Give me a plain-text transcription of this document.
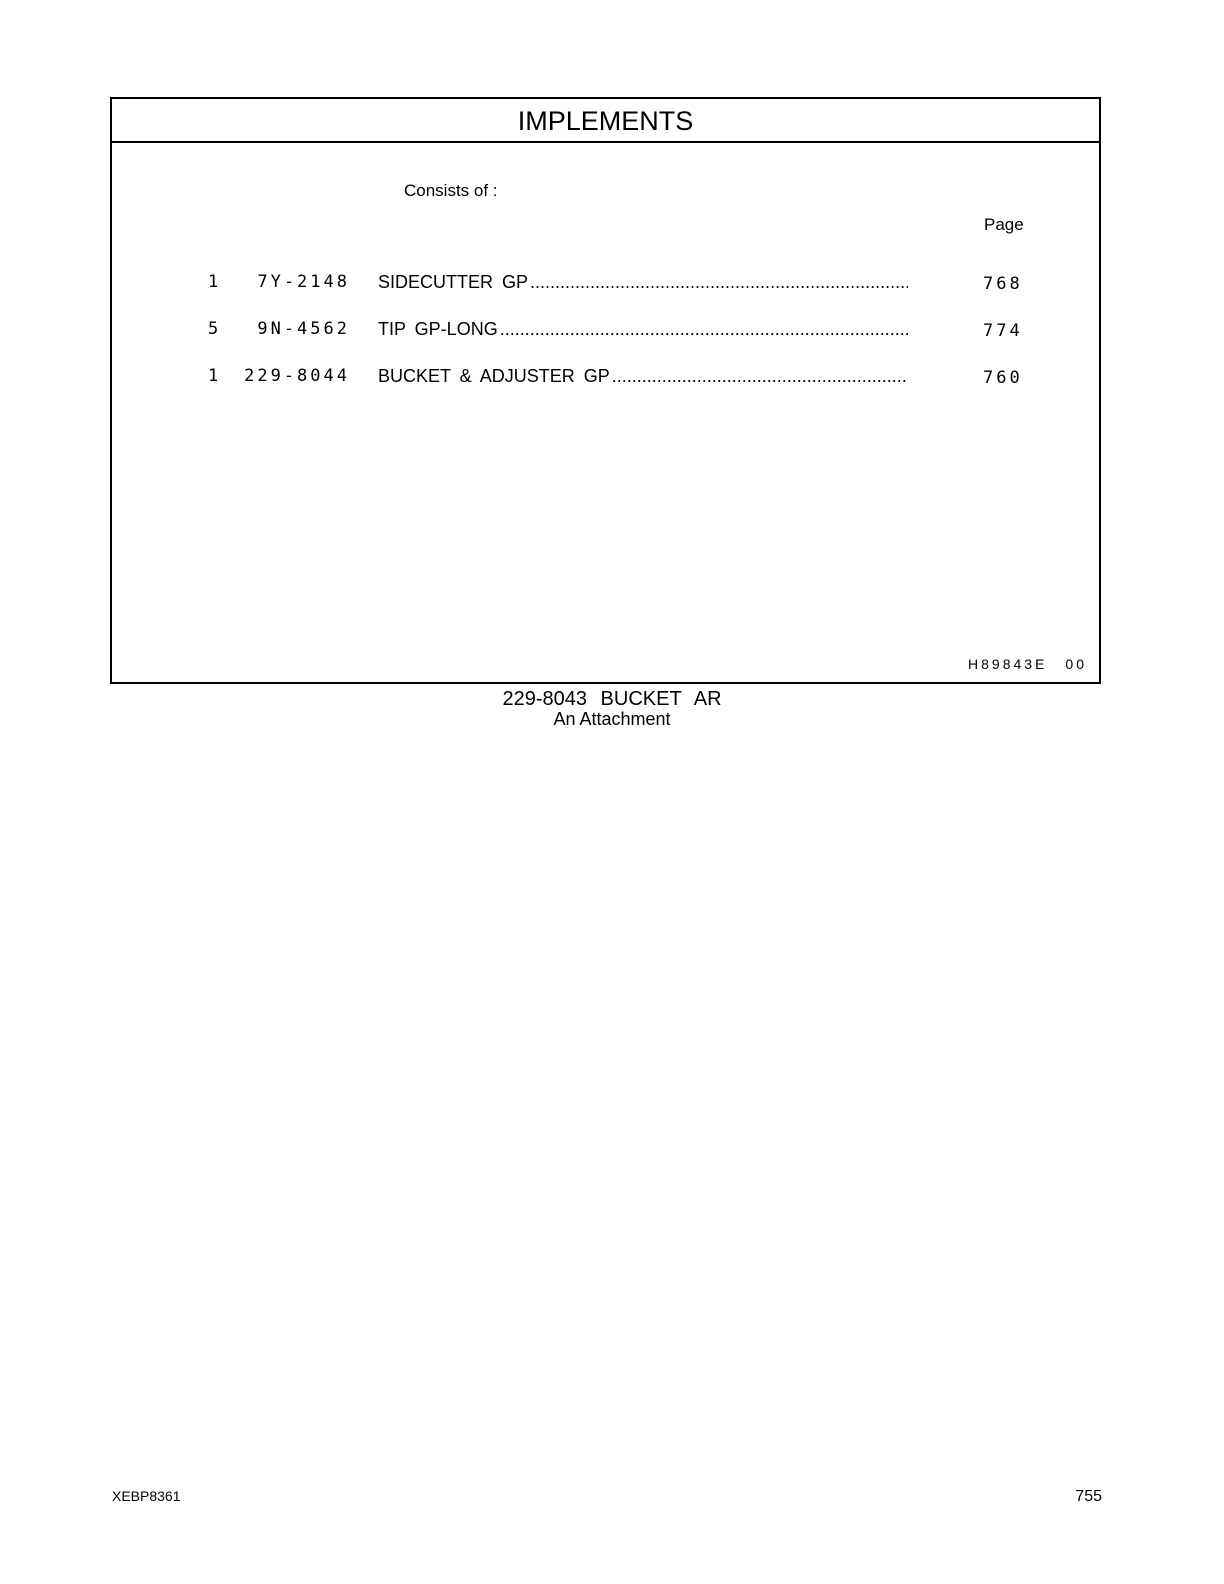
IMPLEMENTS
Consists of :
Page
1 7Y-2148 SIDECUTTER GP .....	768
5 9N-4562 TIP GP-LONG .....	774
1 229-8044 BUCKET & ADJUSTER GP .....	760
H89843E 00
229-8043 BUCKET AR
An Attachment
XEBP8361	755
